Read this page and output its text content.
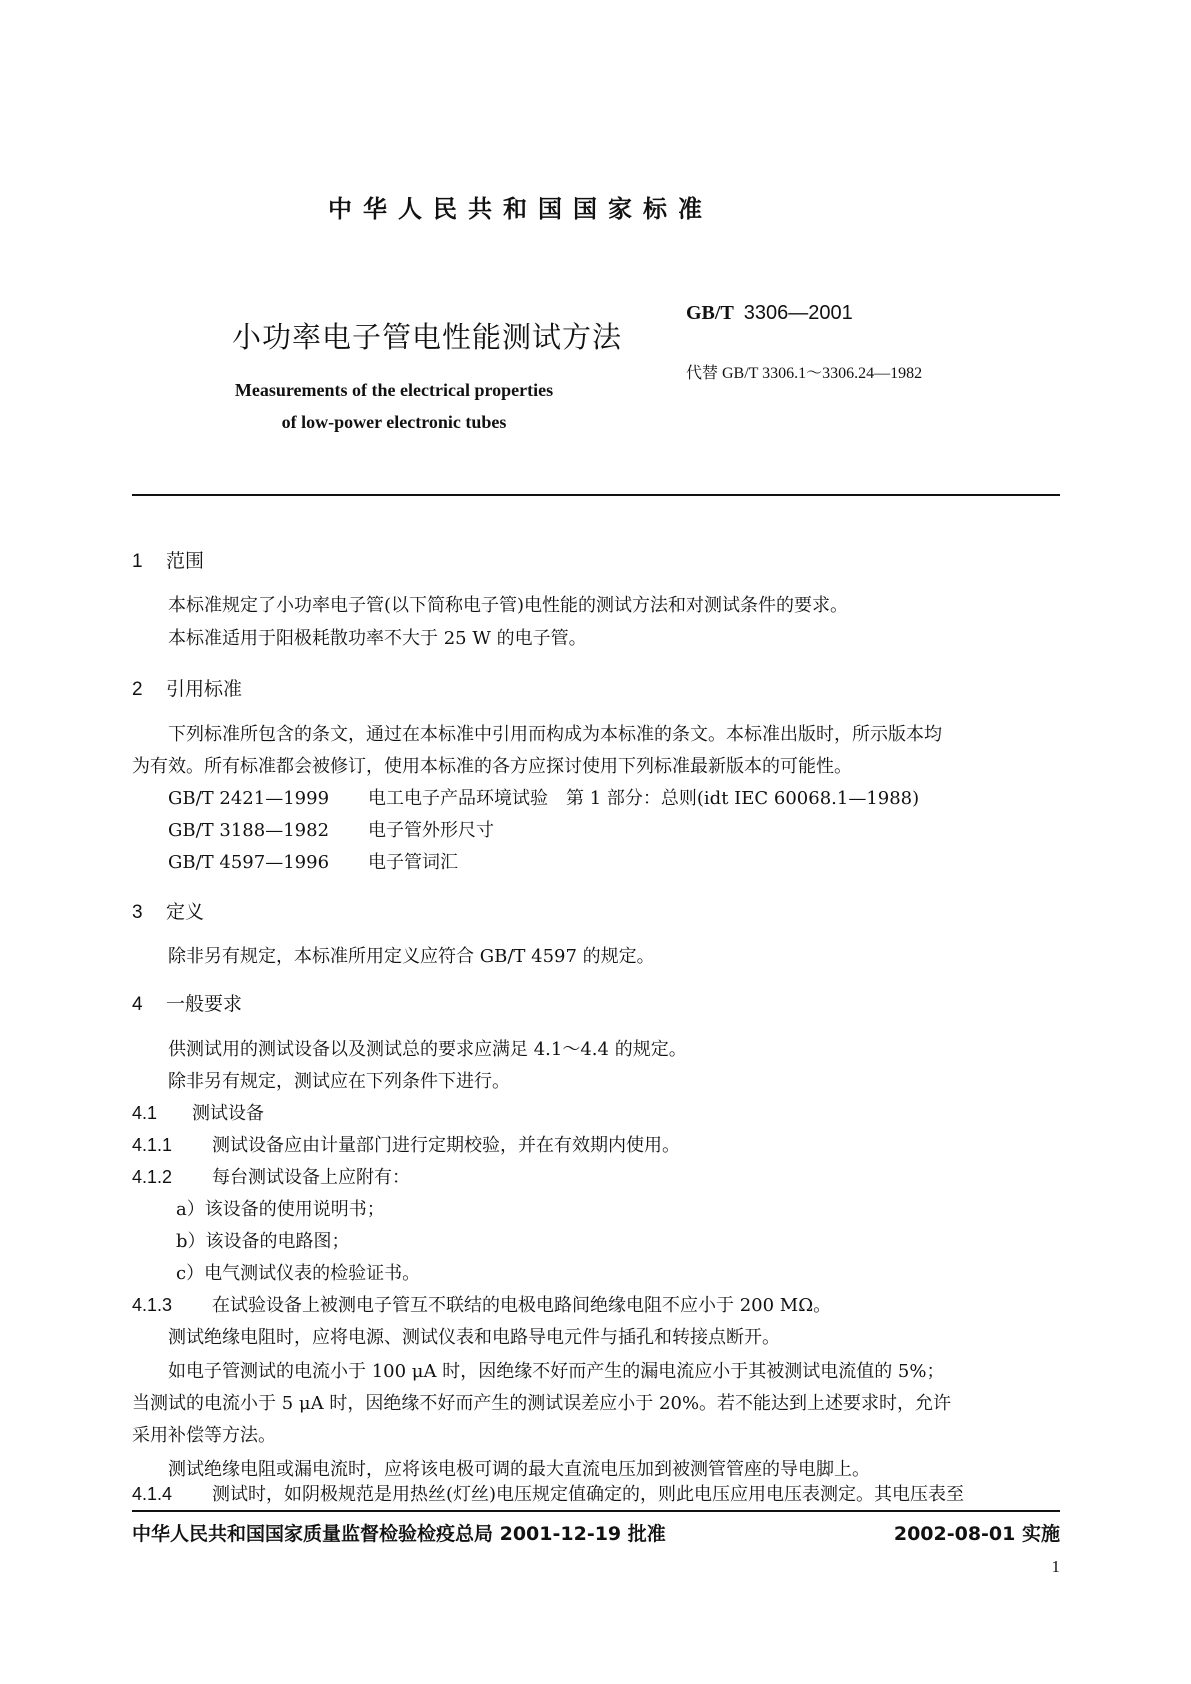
中华人民共和国国家标准
GB/T 3306—2001
小功率电子管电性能测试方法
代替 GB/T 3306.1～3306.24—1982
Measurements of the electrical properties
of low-power electronic tubes
1 范围
本标准规定了小功率电子管(以下简称电子管)电性能的测试方法和对测试条件的要求。
本标准适用于阳极耗散功率不大于 25 W 的电子管。
2 引用标准
下列标准所包含的条文，通过在本标准中引用而构成为本标准的条文。本标准出版时，所示版本均
为有效。所有标准都会被修订，使用本标准的各方应探讨使用下列标准最新版本的可能性。
GB/T 2421—1999 电工电子产品环境试验　第 1 部分：总则(idt IEC 60068.1—1988)
GB/T 3188—1982 电子管外形尺寸
GB/T 4597—1996 电子管词汇
3 定义
除非另有规定，本标准所用定义应符合 GB/T 4597 的规定。
4 一般要求
供测试用的测试设备以及测试总的要求应满足 4.1～4.4 的规定。
除非另有规定，测试应在下列条件下进行。
4.1 测试设备
4.1.1 测试设备应由计量部门进行定期校验，并在有效期内使用。
4.1.2 每台测试设备上应附有：
a）该设备的使用说明书；
b）该设备的电路图；
c）电气测试仪表的检验证书。
4.1.3 在试验设备上被测电子管互不联结的电极电路间绝缘电阻不应小于 200 MΩ。
测试绝缘电阻时，应将电源、测试仪表和电路导电元件与插孔和转接点断开。
如电子管测试的电流小于 100 μA 时，因绝缘不好而产生的漏电流应小于其被测试电流值的 5%；
当测试的电流小于 5 μA 时，因绝缘不好而产生的测试误差应小于 20%。若不能达到上述要求时，允许
采用补偿等方法。
测试绝缘电阻或漏电流时，应将该电极可调的最大直流电压加到被测管管座的导电脚上。
4.1.4 测试时，如阴极规范是用热丝(灯丝)电压规定值确定的，则此电压应用电压表测定。其电压表至
中华人民共和国国家质量监督检验检疫总局 2001-12-19 批准	2002-08-01 实施
1
